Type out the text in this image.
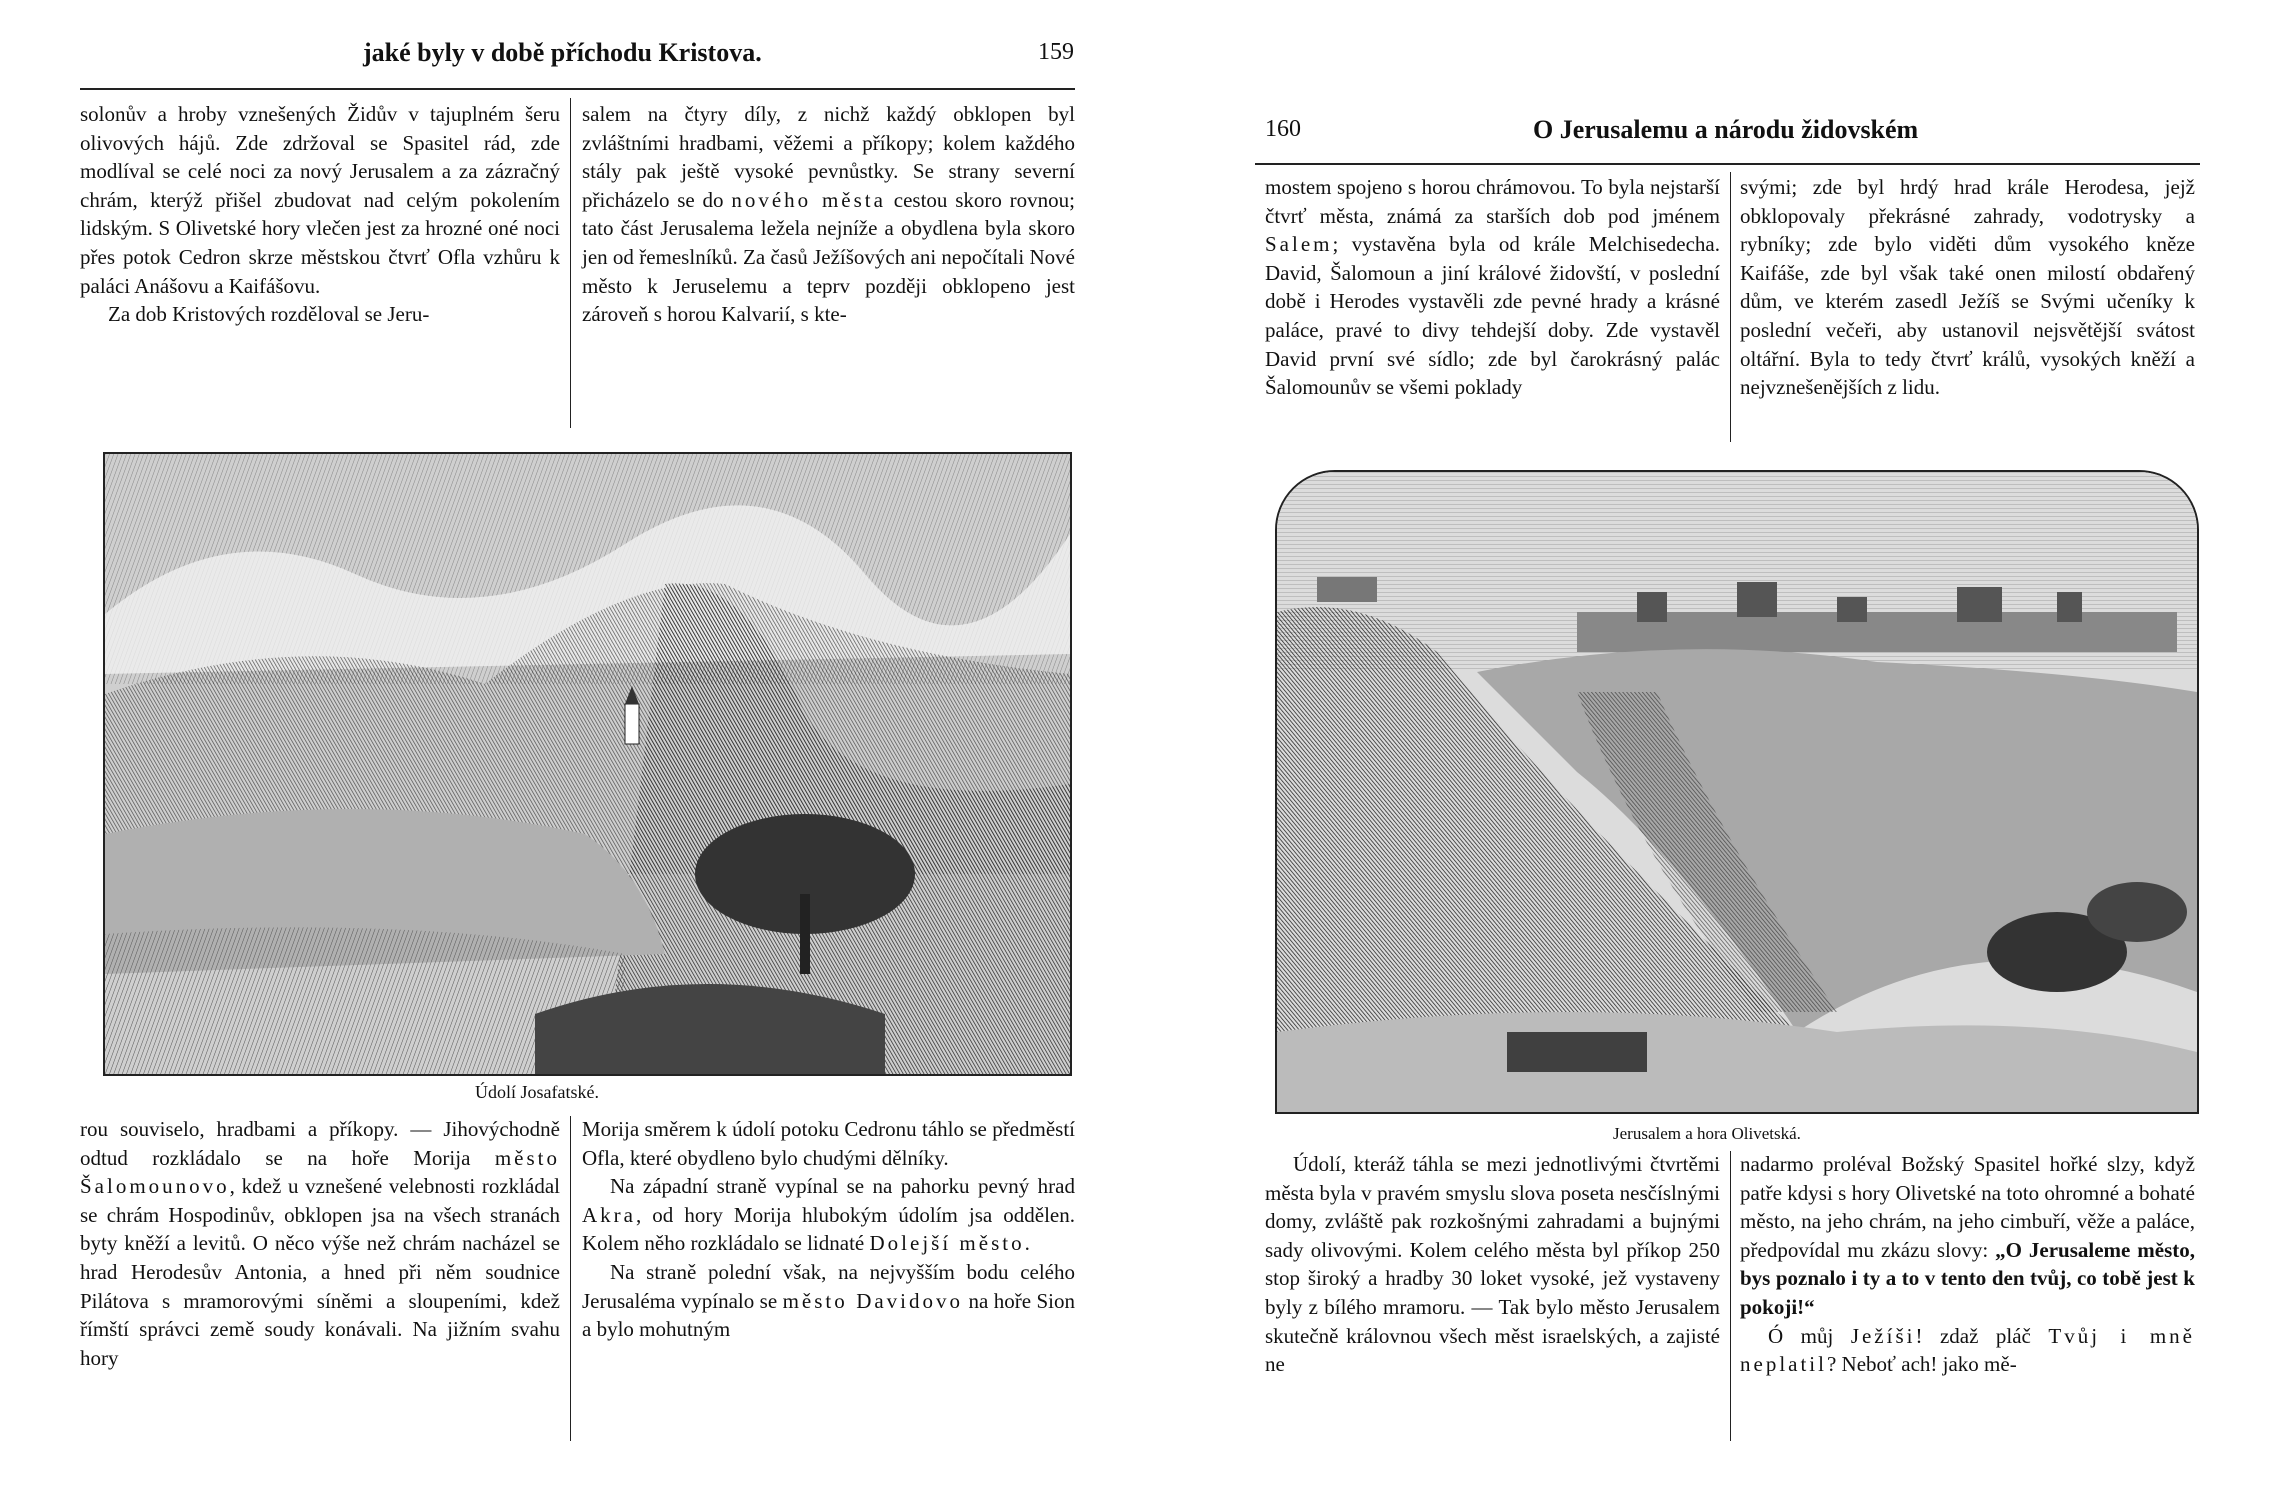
jaké byly v době příchodu Kristova.	159

solonův a hroby vznešených Židův v tajuplném šeru olivových hájů. Zde zdržoval se Spasitel rád, zde modlíval se celé noci za nový Jerusalem a za zázračný chrám, kterýž přišel zbudovat nad celým pokolením lidským. S Olivetské hory vlečen jest za hrozné oné noci přes potok Cedron skrze městskou čtvrť Ofla vzhůru k paláci Anášovu a Kaifášovu.

Za dob Kristových rozděloval se Jeru-

salem na čtyry díly, z nichž každý obklopen byl zvláštními hradbami, věžemi a příkopy; kolem každého stály pak ještě vysoké pevnůstky. Se strany severní přicházelo se do nového města cestou skoro rovnou; tato část Jerusalema ležela nejníže a obydlena byla skoro jen od řemeslníků. Za časů Ježíšových ani nepočítali Nové město k Jeruselemu a teprv později obklopeno jest zároveň s horou Kalvarií, s kte-

Údolí Josafatské.

rou souviselo, hradbami a příkopy. — Jihovýchodně odtud rozkládalo se na hoře Morija město Šalomounovo, kdež u vznešené velebnosti rozkládal se chrám Hospodinův, obklopen jsa na všech stranách byty kněží a levitů. O něco výše než chrám nacházel se hrad Herodesův Antonia, a hned při něm soudnice Pilátova s mramorovými síněmi a sloupeními, kdež římští správci země soudy konávali. Na jižním svahu hory

Morija směrem k údolí potoku Cedronu táhlo se předměstí Ofla, které obydleno bylo chudými dělníky.

Na západní straně vypínal se na pahorku pevný hrad Akra, od hory Morija hlubokým údolím jsa oddělen. Kolem něho rozkládalo se lidnaté Dolejší město.

Na straně polední však, na nejvyšším bodu celého Jerusaléma vypínalo se město Davidovo na hoře Sion a bylo mohutným

160	O Jerusalemu a národu židovském

mostem spojeno s horou chrámovou. To byla nejstarší čtvrť města, známá za starších dob pod jménem Salem; vystavěna byla od krále Melchisedecha. David, Šalomoun a jiní králové židovští, v poslední době i Herodes vystavěli zde pevné hrady a krásné paláce, pravé to divy tehdejší doby. Zde vystavěl David první své sídlo; zde byl čarokrásný palác Šalomounův se všemi poklady

svými; zde byl hrdý hrad krále Herodesa, jejž obklopovaly překrásné zahrady, vodotrysky a rybníky; zde bylo viděti dům vysokého kněze Kaifáše, zde byl však také onen milostí obdařený dům, ve kterém zasedl Ježíš se Svými učeníky k poslední večeři, aby ustanovil nejsvětější svátost oltářní. Byla to tedy čtvrť králů, vysokých kněží a nejvznešenějších z lidu.

Jerusalem a hora Olivetská.

Údolí, kteráž táhla se mezi jednotlivými čtvrtěmi města byla v pravém smyslu slova poseta nesčíslnými domy, zvláště pak rozkošnými zahradami a bujnými sady olivovými. Kolem celého města byl příkop 250 stop široký a hradby 30 loket vysoké, jež vystaveny byly z bílého mramoru. — Tak bylo město Jerusalem skutečně královnou všech měst israelských, a zajisté ne

nadarmo proléval Božský Spasitel hořké slzy, když patře kdysi s hory Olivetské na toto ohromné a bohaté město, na jeho chrám, na jeho cimbuří, věže a paláce, předpovídal mu zkázu slovy: „O Jerusaleme město, bys poznalo i ty a to v tento den tvůj, co tobě jest k pokoji!“

Ó můj Ježíši! zdaž pláč Tvůj i mně neplatil? Neboť ach! jako mě-
